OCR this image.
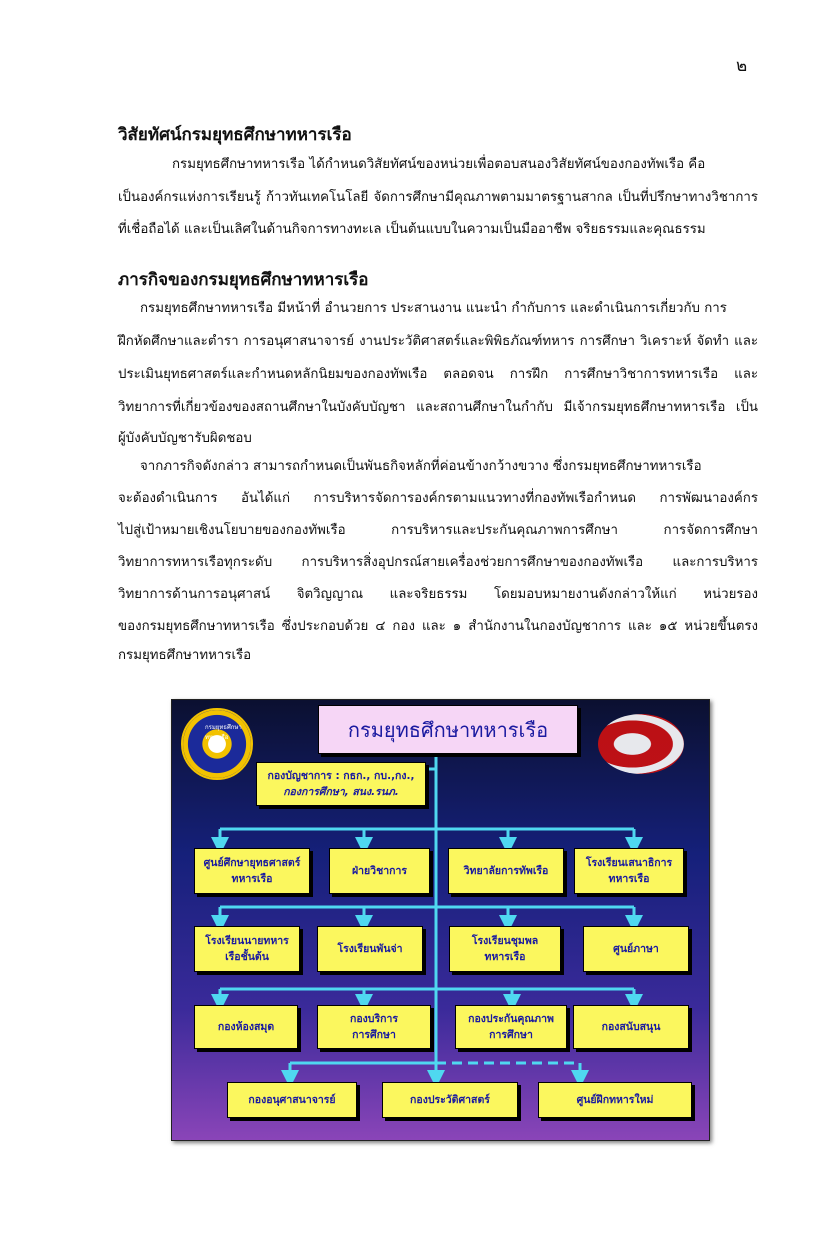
๒
วิสัยทัศน์กรมยุทธศึกษาทหารเรือ
กรมยุทธศึกษาทหารเรือ ได้กำหนดวิสัยทัศน์ของหน่วยเพื่อตอบสนองวิสัยทัศน์ของกองทัพเรือ คือ
เป็นองค์กรแห่งการเรียนรู้ ก้าวทันเทคโนโลยี จัดการศึกษามีคุณภาพตามมาตรฐานสากล เป็นที่ปรึกษาทางวิชาการ
ที่เชื่อถือได้ และเป็นเลิศในด้านกิจการทางทะเล เป็นต้นแบบในความเป็นมืออาชีพ จริยธรรมและคุณธรรม
ภารกิจของกรมยุทธศึกษาทหารเรือ
กรมยุทธศึกษาทหารเรือ มีหน้าที่ อำนวยการ ประสานงาน แนะนำ กำกับการ และดำเนินการเกี่ยวกับ การ
ฝึกหัดศึกษาและตำรา การอนุศาสนาจารย์ งานประวัติศาสตร์และพิพิธภัณฑ์ทหาร การศึกษา วิเคราะห์ จัดทำ และ
ประเมินยุทธศาสตร์และกำหนดหลักนิยมของกองทัพเรือ ตลอดจน การฝึก การศึกษาวิชาการทหารเรือ และ
วิทยาการที่เกี่ยวข้องของสถานศึกษาในบังคับบัญชา และสถานศึกษาในกำกับ มีเจ้ากรมยุทธศึกษาทหารเรือ เป็น
ผู้บังคับบัญชารับผิดชอบ
จากภารกิจดังกล่าว สามารถกำหนดเป็นพันธกิจหลักที่ค่อนข้างกว้างขวาง ซึ่งกรมยุทธศึกษาทหารเรือ
จะต้องดำเนินการ อันได้แก่ การบริหารจัดการองค์กรตามแนวทางที่กองทัพเรือกำหนด การพัฒนาองค์กร
ไปสู่เป้าหมายเชิงนโยบายของกองทัพเรือ การบริหารและประกันคุณภาพการศึกษา การจัดการศึกษา
วิทยาการทหารเรือทุกระดับ การบริหารสิ่งอุปกรณ์สายเครื่องช่วยการศึกษาของกองทัพเรือ และการบริหาร
วิทยาการด้านการอนุศาสน์ จิตวิญญาณ และจริยธรรม โดยมอบหมายงานดังกล่าวให้แก่ หน่วยรอง
ของกรมยุทธศึกษาทหารเรือ ซึ่งประกอบด้วย ๔ กอง และ ๑ สำนักงานในกองบัญชาการ และ ๑๕ หน่วยขึ้นตรง
กรมยุทธศึกษาทหารเรือ
กรมยุทธศึกษา ทหารเรือ	กรมยุทธศึกษาทหารเรือ
กองบัญชาการ : กธก., กบ.,กง.,
กองการศึกษา, สนง.รนภ.
ศูนย์ศึกษายุทธศาสตร์
ทหารเรือ
ฝ่ายวิชาการ	วิทยาลัยการทัพเรือ
โรงเรียนเสนาธิการ
ทหารเรือ
โรงเรียนนายทหาร
เรือชั้นต้น
โรงเรียนพันจ่า
โรงเรียนชุมพล
ทหารเรือ
ศูนย์ภาษา
กองห้องสมุด
กองบริการ
การศึกษา
กองประกันคุณภาพ
การศึกษา
กองสนับสนุน
กองอนุศาสนาจารย์	กองประวัติศาสตร์	ศูนย์ฝึกทหารใหม่
